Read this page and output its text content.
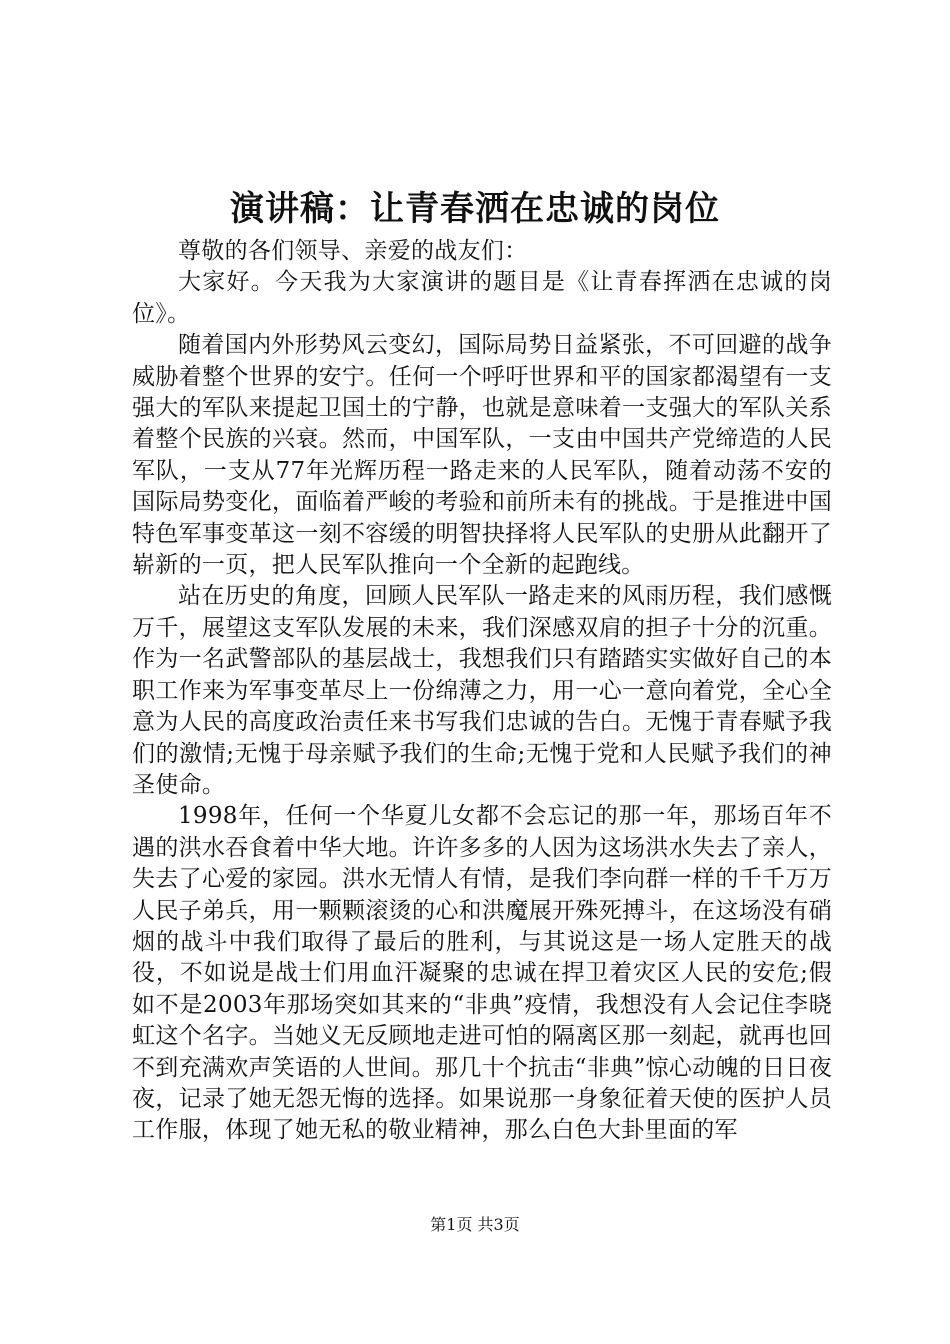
演讲稿：让青春洒在忠诚的岗位

尊敬的各们领导、亲爱的战友们：

大家好。今天我为大家演讲的题目是《让青春挥洒在忠诚的岗位》。

随着国内外形势风云变幻，国际局势日益紧张，不可回避的战争威胁着整个世界的安宁。任何一个呼吁世界和平的国家都渴望有一支强大的军队来提起卫国土的宁静，也就是意味着一支强大的军队关系着整个民族的兴衰。然而，中国军队，一支由中国共产党缔造的人民军队，一支从77年光辉历程一路走来的人民军队，随着动荡不安的国际局势变化，面临着严峻的考验和前所未有的挑战。于是推进中国特色军事变革这一刻不容缓的明智抉择将人民军队的史册从此翻开了崭新的一页，把人民军队推向一个全新的起跑线。

站在历史的角度，回顾人民军队一路走来的风雨历程，我们感慨万千，展望这支军队发展的未来，我们深感双肩的担子十分的沉重。作为一名武警部队的基层战士，我想我们只有踏踏实实做好自己的本职工作来为军事变革尽上一份绵薄之力，用一心一意向着党，全心全意为人民的高度政治责任来书写我们忠诚的告白。无愧于青春赋予我们的激情;无愧于母亲赋予我们的生命;无愧于党和人民赋予我们的神圣使命。

1998年，任何一个华夏儿女都不会忘记的那一年，那场百年不遇的洪水吞食着中华大地。许许多多的人因为这场洪水失去了亲人，失去了心爱的家园。洪水无情人有情，是我们李向群一样的千千万万人民子弟兵，用一颗颗滚烫的心和洪魔展开殊死搏斗，在这场没有硝烟的战斗中我们取得了最后的胜利，与其说这是一场人定胜天的战役，不如说是战士们用血汗凝聚的忠诚在捍卫着灾区人民的安危;假如不是2003年那场突如其来的“非典”疫情，我想没有人会记住李晓虹这个名字。当她义无反顾地走进可怕的隔离区那一刻起，就再也回不到充满欢声笑语的人世间。那几十个抗击“非典”惊心动魄的日日夜夜，记录了她无怨无悔的选择。如果说那一身象征着天使的医护人员工作服，体现了她无私的敬业精神，那么白色大卦里面的军

第1页 共3页
